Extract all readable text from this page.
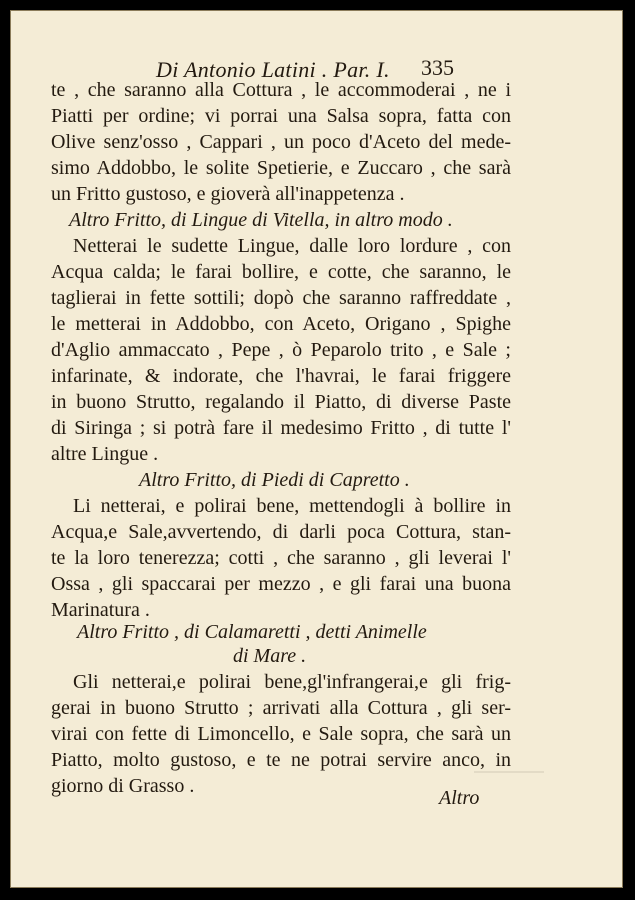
Di Antonio Latini . Par. I. 335
te , che saranno alla Cottura , le accommoderai , ne i
Piatti per ordine; vi porrai una Salsa sopra, fatta con
Olive senz'osso , Cappari , un poco d'Aceto del mede-
simo Addobbo, le solite Spetierie, e Zuccaro , che sarà
un Fritto gustoso, e gioverà all'inappetenza .
Altro Fritto, di Lingue di Vitella, in altro modo .
Netterai le sudette Lingue, dalle loro lordure , con
Acqua calda; le farai bollire, e cotte, che saranno, le
taglierai in fette sottili; dopò che saranno raffreddate ,
le metterai in Addobbo, con Aceto, Origano , Spighe
d'Aglio ammaccato , Pepe , ò Peparolo trito , e Sale ;
infarinate, & indorate, che l'havrai, le farai friggere
in buono Strutto, regalando il Piatto, di diverse Paste
di Siringa ; si potrà fare il medesimo Fritto , di tutte l'
altre Lingue .
Altro Fritto, di Piedi di Capretto .
Li netterai, e polirai bene, mettendogli à bollire in
Acqua,e Sale,avvertendo, di darli poca Cottura, stan-
te la loro tenerezza; cotti , che saranno , gli leverai l'
Ossa , gli spaccarai per mezzo , e gli farai una buona
Marinatura .
Altro Fritto , di Calamaretti , detti Animelle
di Mare .
Gli netterai,e polirai bene,gl'infrangerai,e gli frig-
gerai in buono Strutto ; arrivati alla Cottura , gli ser-
virai con fette di Limoncello, e Sale sopra, che sarà un
Piatto, molto gustoso, e te ne potrai servire anco, in
giorno di Grasso .
Altro
